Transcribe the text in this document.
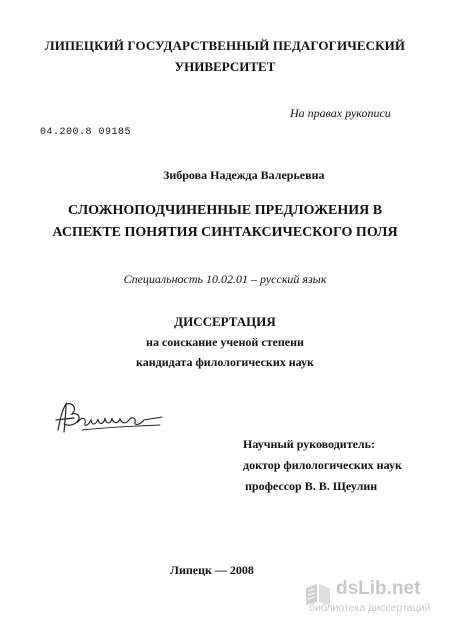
ЛИПЕЦКИЙ ГОСУДАРСТВЕННЫЙ ПЕДАГОГИЧЕСКИЙ
УНИВЕРСИТЕТ
На правах рукописи
04.200.8 09185
Зиброва Надежда Валерьевна
СЛОЖНОПОДЧИНЕННЫЕ ПРЕДЛОЖЕНИЯ В
АСПЕКТЕ ПОНЯТИЯ СИНТАКСИЧЕСКОГО ПОЛЯ
Специальность 10.02.01 – русский язык
ДИССЕРТАЦИЯ
на соискание ученой степени
кандидата филологических наук
Научный руководитель:
доктор филологических наук
профессор В. В. Щеулин
Липецк — 2008
dsLib.net
библиотека диссертаций
